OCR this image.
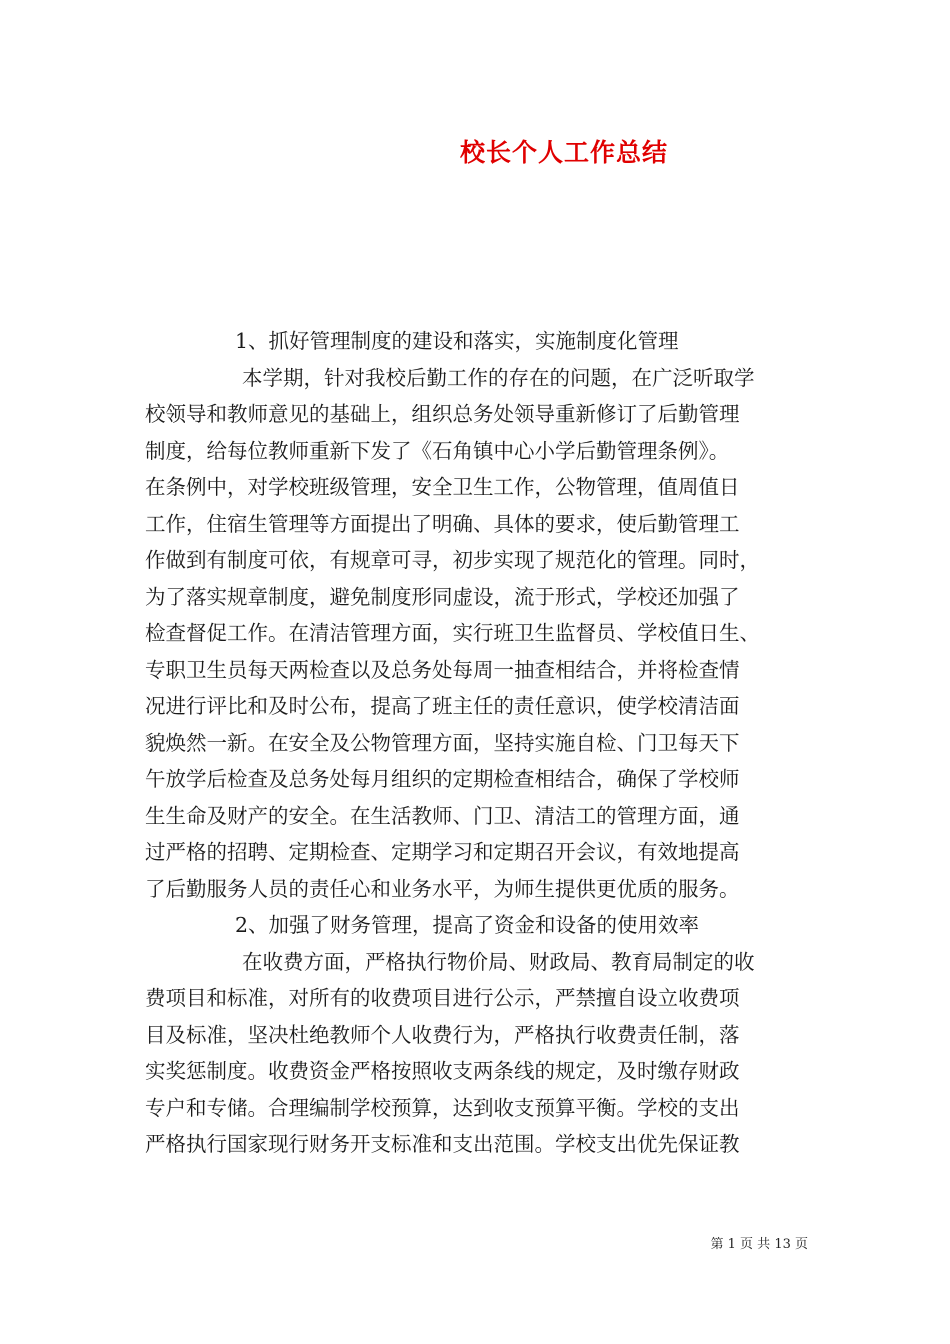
校长个人工作总结
1、抓好管理制度的建设和落实，实施制度化管理
本学期，针对我校后勤工作的存在的问题，在广泛听取学
校领导和教师意见的基础上，组织总务处领导重新修订了后勤管理
制度，给每位教师重新下发了《石角镇中心小学后勤管理条例》。
在条例中，对学校班级管理，安全卫生工作，公物管理，值周值日
工作，住宿生管理等方面提出了明确、具体的要求，使后勤管理工
作做到有制度可依，有规章可寻，初步实现了规范化的管理。同时，
为了落实规章制度，避免制度形同虚设，流于形式，学校还加强了
检查督促工作。在清洁管理方面，实行班卫生监督员、学校值日生、
专职卫生员每天两检查以及总务处每周一抽查相结合，并将检查情
况进行评比和及时公布，提高了班主任的责任意识，使学校清洁面
貌焕然一新。在安全及公物管理方面，坚持实施自检、门卫每天下
午放学后检查及总务处每月组织的定期检查相结合，确保了学校师
生生命及财产的安全。在生活教师、门卫、清洁工的管理方面，通
过严格的招聘、定期检查、定期学习和定期召开会议，有效地提高
了后勤服务人员的责任心和业务水平，为师生提供更优质的服务。
2、加强了财务管理，提高了资金和设备的使用效率
在收费方面，严格执行物价局、财政局、教育局制定的收
费项目和标准，对所有的收费项目进行公示，严禁擅自设立收费项
目及标准，坚决杜绝教师个人收费行为，严格执行收费责任制，落
实奖惩制度。收费资金严格按照收支两条线的规定，及时缴存财政
专户和专储。合理编制学校预算，达到收支预算平衡。学校的支出
严格执行国家现行财务开支标准和支出范围。学校支出优先保证教
第 1 页 共 13 页
